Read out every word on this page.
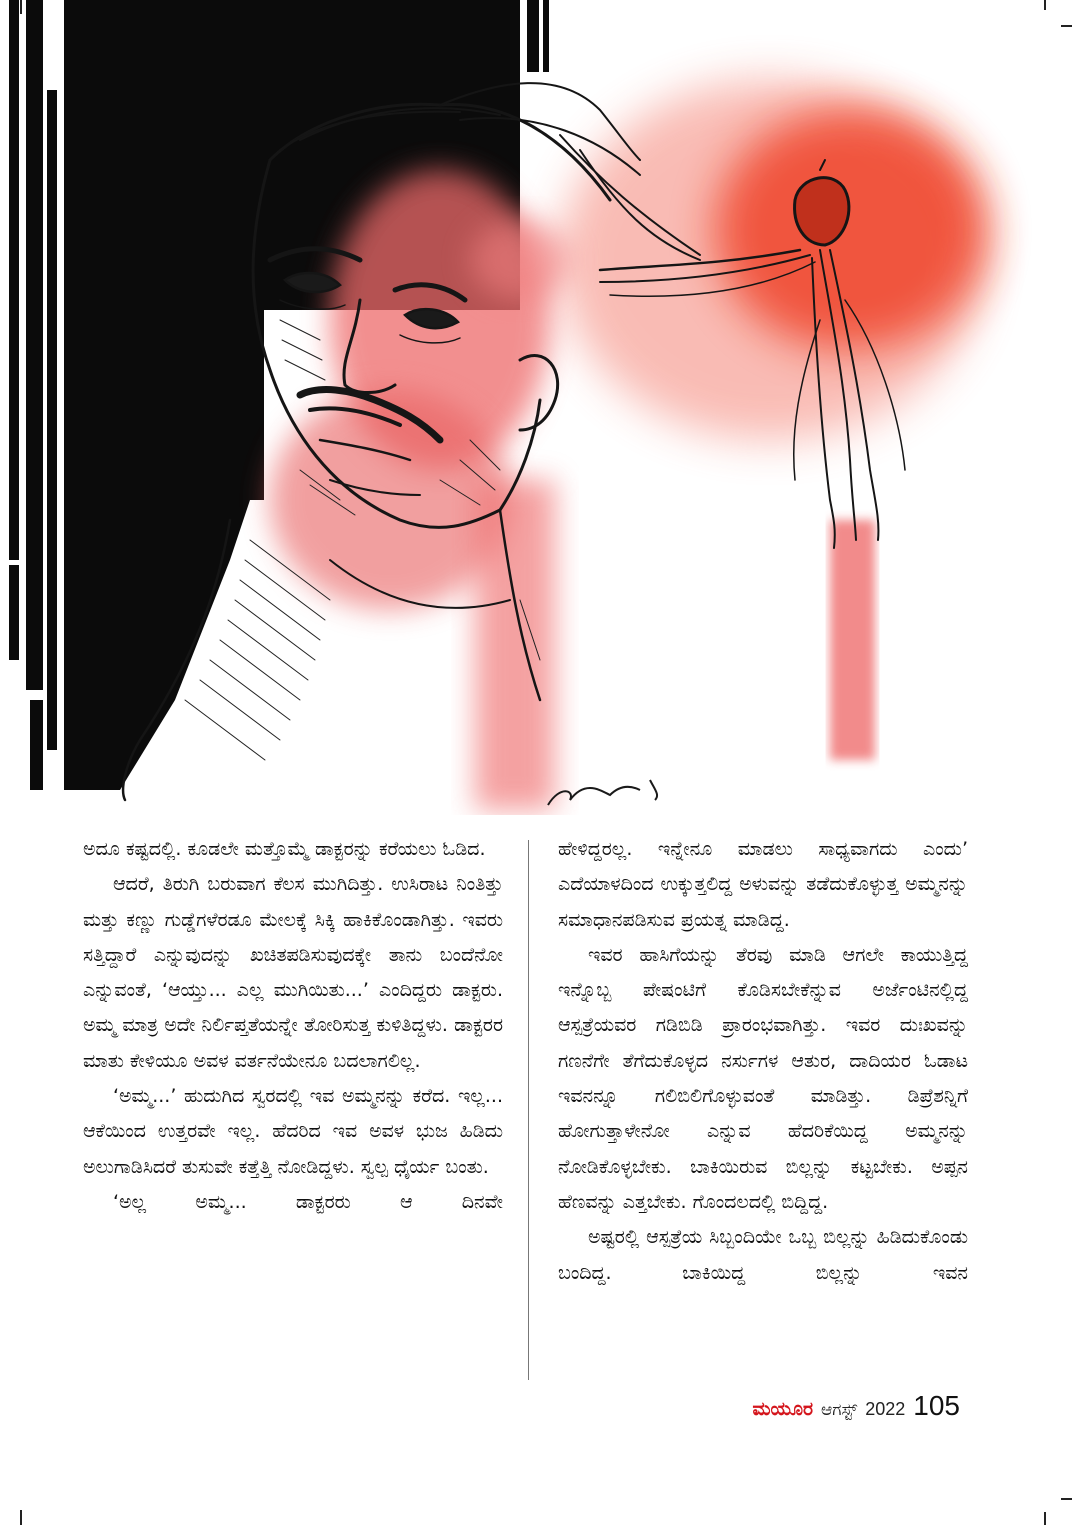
ಅದೂ ಕಷ್ಟದಲ್ಲಿ. ಕೂಡಲೇ ಮತ್ತೊಮ್ಮೆ ಡಾಕ್ಟರನ್ನು ಕರೆಯಲು ಓಡಿದ.

ಆದರೆ, ತಿರುಗಿ ಬರುವಾಗ ಕೆಲಸ ಮುಗಿದಿತ್ತು. ಉಸಿರಾಟ ನಿಂತಿತ್ತು ಮತ್ತು ಕಣ್ಣು ಗುಡ್ಡೆಗಳೆರಡೂ ಮೇಲಕ್ಕೆ ಸಿಕ್ಕಿ ಹಾಕಿಕೊಂಡಾಗಿತ್ತು. ಇವರು ಸತ್ತಿದ್ದಾರೆ ಎನ್ನುವುದನ್ನು ಖಚಿತಪಡಿಸುವುದಕ್ಕೇ ತಾನು ಬಂದೆನೋ ಎನ್ನುವಂತೆ, ‘ಆಯ್ತು... ಎಲ್ಲ ಮುಗಿಯಿತು...’ ಎಂದಿದ್ದರು ಡಾಕ್ಟರು. ಅಮ್ಮ ಮಾತ್ರ ಅದೇ ನಿರ್ಲಿಪ್ತತೆಯನ್ನೇ ತೋರಿಸುತ್ತ ಕುಳಿತಿದ್ದಳು. ಡಾಕ್ಟರರ ಮಾತು ಕೇಳಿಯೂ ಅವಳ ವರ್ತನೆಯೇನೂ ಬದಲಾಗಲಿಲ್ಲ.

‘ಅಮ್ಮ...’ ಹುದುಗಿದ ಸ್ವರದಲ್ಲಿ ಇವ ಅಮ್ಮನನ್ನು ಕರೆದ. ಇಲ್ಲ... ಆಕೆಯಿಂದ ಉತ್ತರವೇ ಇಲ್ಲ. ಹೆದರಿದ ಇವ ಅವಳ ಭುಜ ಹಿಡಿದು ಅಲುಗಾಡಿಸಿದರೆ ತುಸುವೇ ಕತ್ತೆತ್ತಿ ನೋಡಿದ್ದಳು. ಸ್ವಲ್ಪ ಧೈರ್ಯ ಬಂತು.

‘ಅಲ್ಲ ಅಮ್ಮ... ಡಾಕ್ಟರರು ಆ ದಿನವೇ

ಹೇಳಿದ್ದರಲ್ಲ. ಇನ್ನೇನೂ ಮಾಡಲು ಸಾಧ್ಯವಾಗದು ಎಂದು’ ಎದೆಯಾಳದಿಂದ ಉಕ್ಕುತ್ತಲಿದ್ದ ಅಳುವನ್ನು ತಡೆದುಕೊಳ್ಳುತ್ತ ಅಮ್ಮನನ್ನು ಸಮಾಧಾನಪಡಿಸುವ ಪ್ರಯತ್ನ ಮಾಡಿದ್ದ.

ಇವರ ಹಾಸಿಗೆಯನ್ನು ತೆರವು ಮಾಡಿ ಆಗಲೇ ಕಾಯುತ್ತಿದ್ದ ಇನ್ನೊಬ್ಬ ಪೇಷಂಟಿಗೆ ಕೊಡಿಸಬೇಕೆನ್ನುವ ಅರ್ಜೆಂಟಿನಲ್ಲಿದ್ದ ಆಸ್ಪತ್ರೆಯವರ ಗಡಿಬಿಡಿ ಪ್ರಾರಂಭವಾಗಿತ್ತು. ಇವರ ದುಃಖವನ್ನು ಗಣನೆಗೇ ತೆಗೆದುಕೊಳ್ಳದ ನರ್ಸುಗಳ ಆತುರ, ದಾದಿಯರ ಓಡಾಟ ಇವನನ್ನೂ ಗಲಿಬಿಲಿಗೊಳ್ಳುವಂತೆ ಮಾಡಿತ್ತು. ಡಿಪ್ರೆಶನ್ನಿಗೆ ಹೋಗುತ್ತಾಳೇನೋ ಎನ್ನುವ ಹೆದರಿಕೆಯಿದ್ದ ಅಮ್ಮನನ್ನು ನೋಡಿಕೊಳ್ಳಬೇಕು. ಬಾಕಿಯಿರುವ ಬಿಲ್ಲನ್ನು ಕಟ್ಟಬೇಕು. ಅಪ್ಪನ ಹೆಣವನ್ನು ಎತ್ತಬೇಕು. ಗೊಂದಲದಲ್ಲಿ ಬಿದ್ದಿದ್ದ.

ಅಷ್ಟರಲ್ಲಿ ಆಸ್ಪತ್ರೆಯ ಸಿಬ್ಬಂದಿಯೇ ಒಬ್ಬ ಬಿಲ್ಲನ್ನು ಹಿಡಿದುಕೊಂಡು ಬಂದಿದ್ದ. ಬಾಕಿಯಿದ್ದ ಬಿಲ್ಲನ್ನು ಇವನ

ಮಯೂರ ಆಗಸ್ಟ್ 2022 105
